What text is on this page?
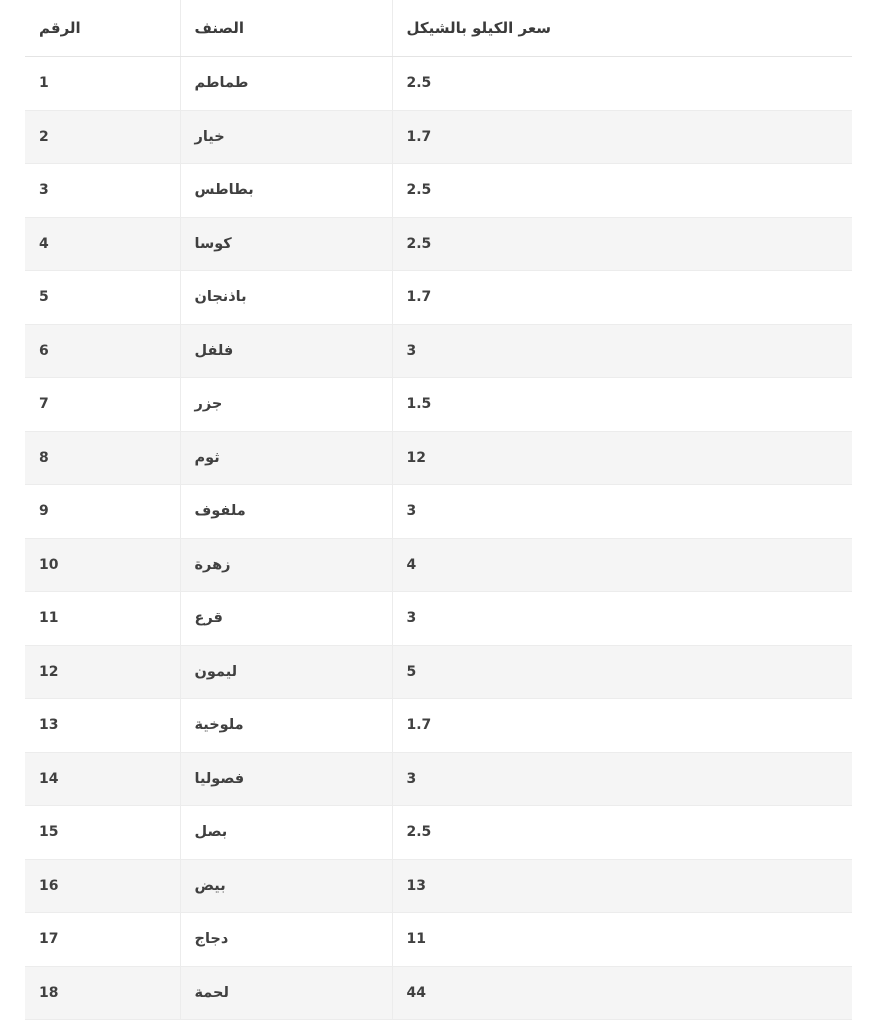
سعر الكيلو بالشيكل	الصنف	الرقم
2.5	طماطم	1
1.7	خيار	2
2.5	بطاطس	3
2.5	كوسا	4
1.7	باذنجان	5
3	فلفل	6
1.5	جزر	7
12	ثوم	8
3	ملفوف	9
4	زهرة	10
3	قرع	11
5	ليمون	12
1.7	ملوخية	13
3	فصوليا	14
2.5	بصل	15
13	بيض	16
11	دجاج	17
44	لحمة	18
